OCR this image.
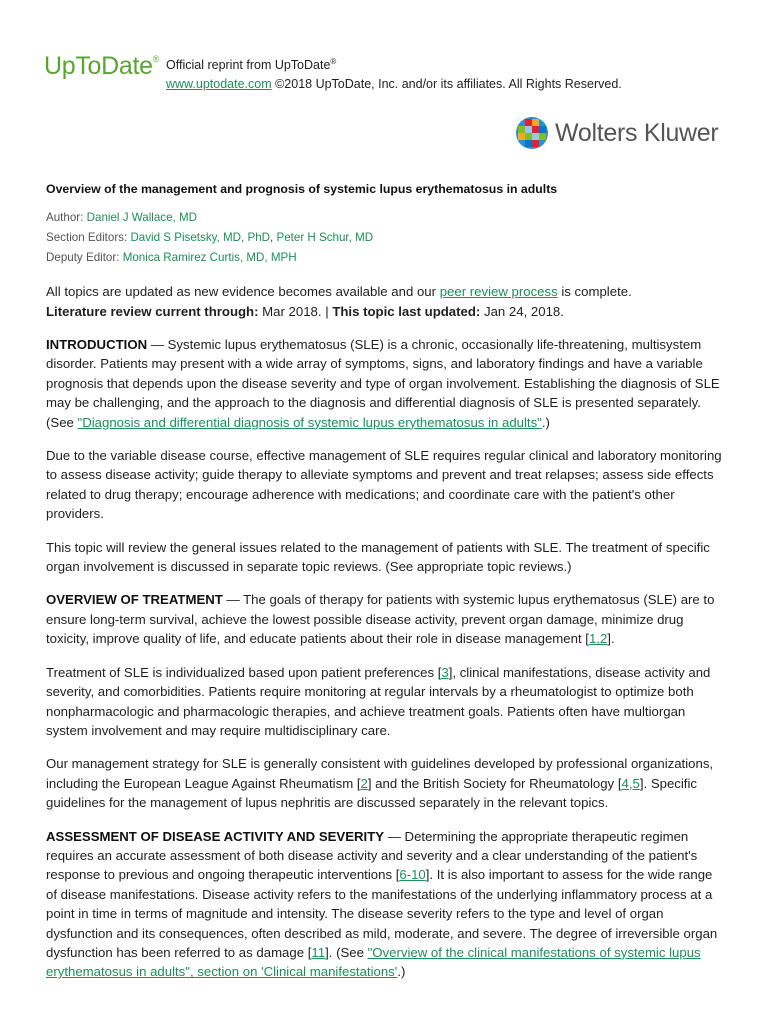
UpToDate® Official reprint from UpToDate®
www.uptodate.com ©2018 UpToDate, Inc. and/or its affiliates. All Rights Reserved.
Wolters Kluwer
Overview of the management and prognosis of systemic lupus erythematosus in adults
Author: Daniel J Wallace, MD
Section Editors: David S Pisetsky, MD, PhD, Peter H Schur, MD
Deputy Editor: Monica Ramirez Curtis, MD, MPH
All topics are updated as new evidence becomes available and our peer review process is complete.
Literature review current through: Mar 2018. | This topic last updated: Jan 24, 2018.

INTRODUCTION — Systemic lupus erythematosus (SLE) is a chronic, occasionally life-threatening, multisystem disorder. Patients may present with a wide array of symptoms, signs, and laboratory findings and have a variable prognosis that depends upon the disease severity and type of organ involvement. Establishing the diagnosis of SLE may be challenging, and the approach to the diagnosis and differential diagnosis of SLE is presented separately. (See "Diagnosis and differential diagnosis of systemic lupus erythematosus in adults".)

Due to the variable disease course, effective management of SLE requires regular clinical and laboratory monitoring to assess disease activity; guide therapy to alleviate symptoms and prevent and treat relapses; assess side effects related to drug therapy; encourage adherence with medications; and coordinate care with the patient's other providers.

This topic will review the general issues related to the management of patients with SLE. The treatment of specific organ involvement is discussed in separate topic reviews. (See appropriate topic reviews.)

OVERVIEW OF TREATMENT — The goals of therapy for patients with systemic lupus erythematosus (SLE) are to ensure long-term survival, achieve the lowest possible disease activity, prevent organ damage, minimize drug toxicity, improve quality of life, and educate patients about their role in disease management [1,2].

Treatment of SLE is individualized based upon patient preferences [3], clinical manifestations, disease activity and severity, and comorbidities. Patients require monitoring at regular intervals by a rheumatologist to optimize both nonpharmacologic and pharmacologic therapies, and achieve treatment goals. Patients often have multiorgan system involvement and may require multidisciplinary care.

Our management strategy for SLE is generally consistent with guidelines developed by professional organizations, including the European League Against Rheumatism [2] and the British Society for Rheumatology [4,5]. Specific guidelines for the management of lupus nephritis are discussed separately in the relevant topics.

ASSESSMENT OF DISEASE ACTIVITY AND SEVERITY — Determining the appropriate therapeutic regimen requires an accurate assessment of both disease activity and severity and a clear understanding of the patient's response to previous and ongoing therapeutic interventions [6-10]. It is also important to assess for the wide range of disease manifestations. Disease activity refers to the manifestations of the underlying inflammatory process at a point in time in terms of magnitude and intensity. The disease severity refers to the type and level of organ dysfunction and its consequences, often described as mild, moderate, and severe. The degree of irreversible organ dysfunction has been referred to as damage [11]. (See "Overview of the clinical manifestations of systemic lupus erythematosus in adults", section on 'Clinical manifestations'.)
